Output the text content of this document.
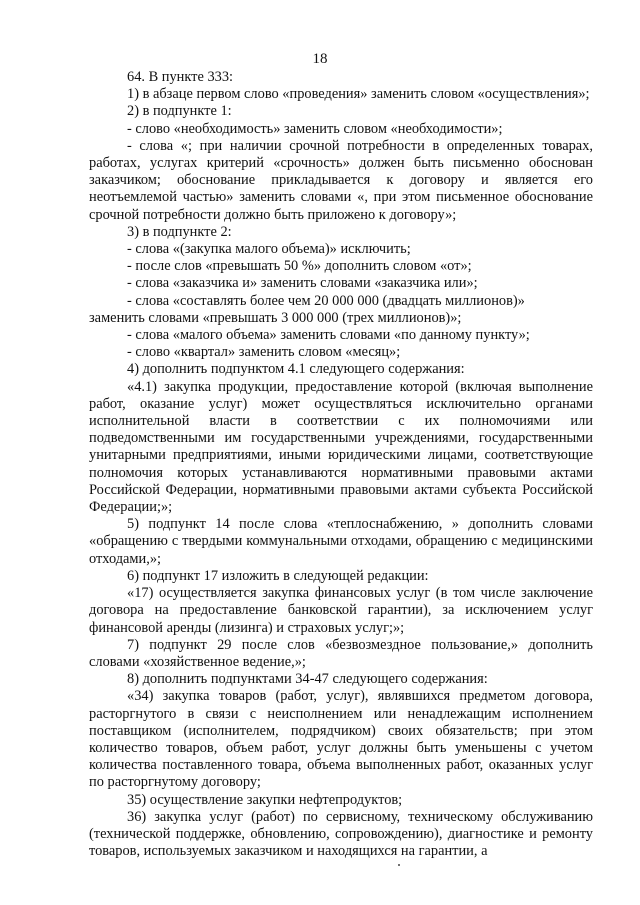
18

64. В пункте 333:

1) в абзаце первом слово «проведения» заменить словом «осуществления»;

2) в подпункте 1:

- слово «необходимость» заменить словом «необходимости»;

- слова «; при наличии срочной потребности в определенных товарах, работах, услугах критерий «срочность» должен быть письменно обоснован заказчиком; обоснование прикладывается к договору и является его неотъемлемой частью» заменить словами «, при этом письменное обоснование срочной потребности должно быть приложено к договору»;

3) в подпункте 2:

- слова «(закупка малого объема)» исключить;

- после слов «превышать 50 %» дополнить словом «от»;

- слова «заказчика и» заменить словами «заказчика или»;

- слова «составлять более чем 20 000 000 (двадцать миллионов)»

заменить словами «превышать 3 000 000 (трех миллионов)»;

- слова «малого объема» заменить словами «по данному пункту»;

- слово «квартал» заменить словом «месяц»;

4) дополнить подпунктом 4.1 следующего содержания:

«4.1) закупка продукции, предоставление которой (включая выполнение работ, оказание услуг) может осуществляться исключительно органами исполнительной власти в соответствии с их полномочиями или подведомственными им государственными учреждениями, государственными унитарными предприятиями, иными юридическими лицами, соответствующие полномочия которых устанавливаются нормативными правовыми актами Российской Федерации, нормативными правовыми актами субъекта Российской Федерации;»;

5) подпункт 14 после слова «теплоснабжению, » дополнить словами «обращению с твердыми коммунальными отходами, обращению с медицинскими отходами,»;

6) подпункт 17 изложить в следующей редакции:

«17) осуществляется закупка финансовых услуг (в том числе заключение договора на предоставление банковской гарантии), за исключением услуг финансовой аренды (лизинга) и страховых услуг;»;

7) подпункт 29 после слов «безвозмездное пользование,» дополнить словами «хозяйственное ведение,»;

8) дополнить подпунктами 34-47 следующего содержания:

«34) закупка товаров (работ, услуг), являвшихся предметом договора, расторгнутого в связи с неисполнением или ненадлежащим исполнением поставщиком (исполнителем, подрядчиком) своих обязательств; при этом количество товаров, объем работ, услуг должны быть уменьшены с учетом количества поставленного товара, объема выполненных работ, оказанных услуг по расторгнутому договору;

35) осуществление закупки нефтепродуктов;

36) закупка услуг (работ) по сервисному, техническому обслуживанию (технической поддержке, обновлению, сопровождению), диагностике и ремонту товаров, используемых заказчиком и находящихся на гарантии, а
